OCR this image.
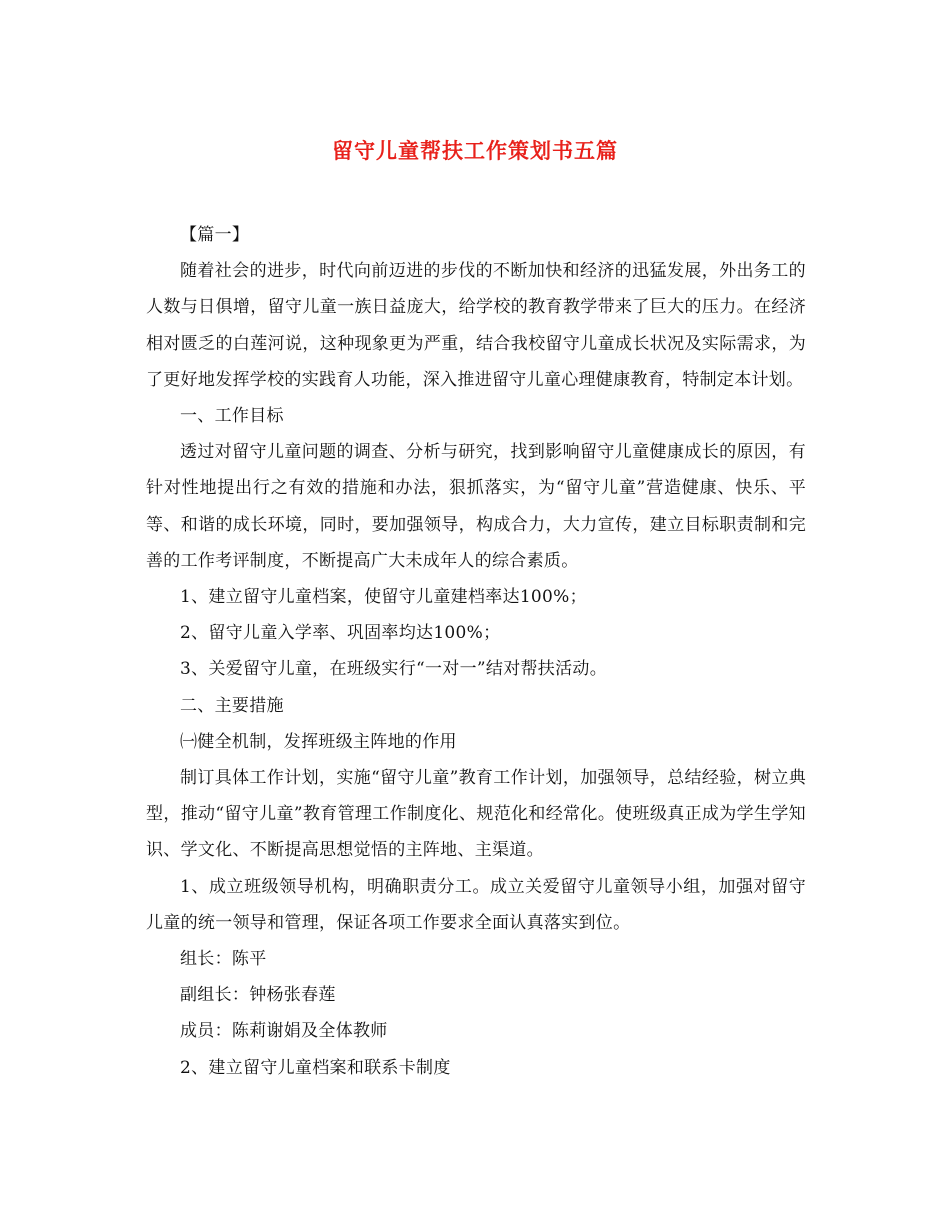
留守儿童帮扶工作策划书五篇

【篇一】

随着社会的进步，时代向前迈进的步伐的不断加快和经济的迅猛发展，外出务工的人数与日俱增，留守儿童一族日益庞大，给学校的教育教学带来了巨大的压力。在经济相对匮乏的白莲河说，这种现象更为严重，结合我校留守儿童成长状况及实际需求，为了更好地发挥学校的实践育人功能，深入推进留守儿童心理健康教育，特制定本计划。

一、工作目标

透过对留守儿童问题的调查、分析与研究，找到影响留守儿童健康成长的原因，有针对性地提出行之有效的措施和办法，狠抓落实，为“留守儿童”营造健康、快乐、平等、和谐的成长环境，同时，要加强领导，构成合力，大力宣传，建立目标职责制和完善的工作考评制度，不断提高广大未成年人的综合素质。

1、建立留守儿童档案，使留守儿童建档率达100%；

2、留守儿童入学率、巩固率均达100%；

3、关爱留守儿童，在班级实行“一对一”结对帮扶活动。

二、主要措施

㈠健全机制，发挥班级主阵地的作用

制订具体工作计划，实施“留守儿童”教育工作计划，加强领导，总结经验，树立典型，推动“留守儿童”教育管理工作制度化、规范化和经常化。使班级真正成为学生学知识、学文化、不断提高思想觉悟的主阵地、主渠道。

1、成立班级领导机构，明确职责分工。成立关爱留守儿童领导小组，加强对留守儿童的统一领导和管理，保证各项工作要求全面认真落实到位。

组长：陈平

副组长：钟杨张春莲

成员：陈莉谢娟及全体教师

2、建立留守儿童档案和联系卡制度
